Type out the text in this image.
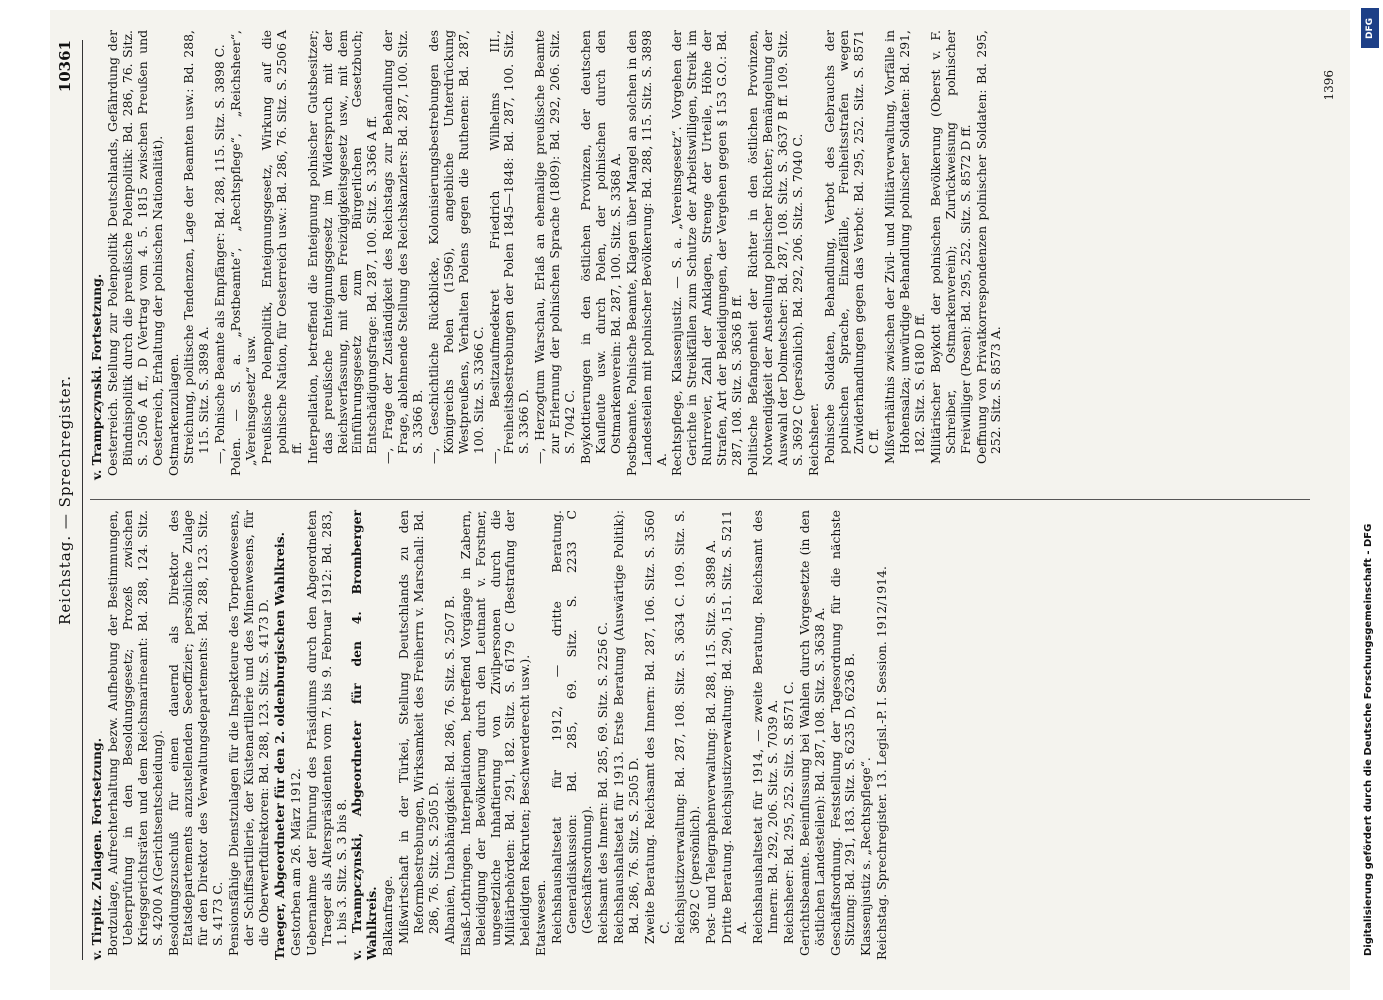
Reichstag. — Sprechregister.
10361

v. Tirpitz. Zulagen. Fortsetzung. Bordzulage, Aufrechterhaltung bezw. Aufhebung der Bestimmungen, Ueberprüfung in den Besoldungsgesetz; Prozeß zwischen Kriegsgerichtsräten und dem Reichsmarineamt: Bd. 288, 124. Sitz. S. 4200 A (Gerichtsentscheidung). Besoldungszuschuß für einen dauernd als Direktor des Etatsdepartements anzustellenden Seeoffizier; persönliche Zulage für den Direktor des Verwaltungsdepartements: Bd. 288, 123. Sitz. S. 4173 C. Pensionsfähige Dienstzulagen für die Inspekteure des Torpedowesens, der Schiffsartillerie, der Küstenartillerie und des Minenwesens, für die Oberwerftdirektoren: Bd. 288, 123. Sitz. S. 4173 D. Traeger, Abgeordneter für den 2. oldenburgischen Wahlkreis. Gestorben am 26. März 1912. Uebernahme der Führung des Präsidiums durch den Abgeordneten Traeger als Alterspräsidenten vom 7. bis 9. Februar 1912: Bd. 283, 1. bis 3. Sitz. S. 3 bis 8. v. Trampczynski, Abgeordneter für den 4. Bromberger Wahlkreis. Balkanfrage. Mißwirtschaft in der Türkei, Stellung Deutschlands zu den Reformbestrebungen, Wirksamkeit des Freiherrn v. Marschall: Bd. 286, 76. Sitz. S. 2505 D. Albanien, Unabhängigkeit: Bd. 286, 76. Sitz. S. 2507 B. Elsaß-Lothringen. Interpellationen, betreffend Vorgänge in Zabern, Beleidigung der Bevölkerung durch den Leutnant v. Forstner, ungesetzliche Inhaftierung von Zivilpersonen durch die Militärbehörden: Bd. 291, 182. Sitz. S. 6179 C (Bestrafung der beleidigten Rekruten; Beschwerderecht usw.). Etatswesen. Reichshaushaltsetat für 1912, — dritte Beratung. Generaldiskussion: Bd. 285, 69. Sitz. S. 2233 C (Geschäftsordnung). Reichsamt des Innern: Bd. 285, 69. Sitz. S. 2256 C. Reichshaushaltsetat für 1913. Erste Beratung (Auswärtige Politik): Bd. 286, 76. Sitz. S. 2505 D. Zweite Beratung. Reichsamt des Innern: Bd. 287, 106. Sitz. S. 3560 C. Reichsjustizverwaltung: Bd. 287, 108. Sitz. S. 3634 C. 109. Sitz. S. 3692 C (persönlich). Post- und Telegraphenverwaltung: Bd. 288, 115. Sitz. S. 3898 A. Dritte Beratung. Reichsjustizverwaltung: Bd. 290, 151. Sitz. S. 5211 A. Reichshaushaltsetat für 1914, — zweite Beratung. Reichsamt des Innern: Bd. 292, 206. Sitz. S. 7039 A. Reichsheer: Bd. 295, 252. Sitz. S. 8571 C. Gerichtsbeamte. Beeinflussung bei Wahlen durch Vorgesetzte (in den östlichen Landesteilen): Bd. 287, 108. Sitz. S. 3638 A. Geschäftsordnung. Feststellung der Tagesordnung für die nächste Sitzung: Bd. 291, 183. Sitz. S. 6235 D, 6236 B. Klassenjustiz s. „Rechtspflege“. Reichstag. Sprechregister. 13. Legisl.-P. I. Session. 1912/1914.

v. Trampczynski. Fortsetzung. Oesterreich. Stellung zur Polenpolitik Deutschlands, Gefährdung der Bündnispolitik durch die preußische Polenpolitik: Bd. 286, 76. Sitz. S. 2506 A ff., D (Vertrag vom 4. 5. 1815 zwischen Preußen und Oesterreich, Erhaltung der polnischen Nationalität). Ostmarkenzulagen. Streichung, politische Tendenzen, Lage der Beamten usw.: Bd. 288, 115. Sitz. S. 3898 A. —, Polnische Beamte als Empfänger: Bd. 288, 115. Sitz. S. 3898 C. Polen. — S. a. „Postbeamte“, „Rechtspflege“, „Reichsheer“, „Vereinsgesetz“ usw. Preußische Polenpolitik, Enteignungsgesetz, Wirkung auf die polnische Nation, für Oesterreich usw.: Bd. 286, 76. Sitz. S. 2506 A ff. Interpellation, betreffend die Enteignung polnischer Gutsbesitzer; das preußische Enteignungsgesetz im Widerspruch mit der Reichsverfassung, mit dem Freizügigkeitsgesetz usw., mit dem Einführungsgesetz zum Bürgerlichen Gesetzbuch; Entschädigungsfrage: Bd. 287, 100. Sitz. S. 3366 A ff. —, Frage der Zuständigkeit des Reichstags zur Behandlung der Frage, ablehnende Stellung des Reichskanzlers: Bd. 287, 100. Sitz. S. 3366 B. —, Geschichtliche Rückblicke, Kolonisierungsbestrebungen des Königreichs Polen (1596), angebliche Unterdrückung Westpreußens, Verhalten Polens gegen die Ruthenen: Bd. 287, 100. Sitz. S. 3366 C. —, Besitzaufmedekret Friedrich Wilhelms III., Freiheitsbestrebungen der Polen 1845—1848: Bd. 287, 100. Sitz. S. 3366 D. —, Herzogtum Warschau, Erlaß an ehemalige preußische Beamte zur Erlernung der polnischen Sprache (1809): Bd. 292, 206. Sitz. S. 7042 C. Boykottierungen in den östlichen Provinzen, der deutschen Kaufleute usw. durch Polen, der polnischen durch den Ostmarkenverein: Bd. 287, 100. Sitz. S. 3368 A. Postbeamte. Polnische Beamte, Klagen über Mangel an solchen in den Landesteilen mit polnischer Bevölkerung: Bd. 288, 115. Sitz. S. 3898 A. Rechtspflege, Klassenjustiz. — S. a. „Vereinsgesetz“. Vorgehen der Gerichte in Streikfällen zum Schutze der Arbeitswilligen, Streik im Ruhrrevier, Zahl der Anklagen, Strenge der Urteile, Höhe der Strafen, Art der Beleidigungen, der Vergehen gegen § 153 G.O.: Bd. 287, 108. Sitz. S. 3636 B ff. Politische Befangenheit der Richter in den östlichen Provinzen, Notwendigkeit der Anstellung polnischer Richter; Bemängelung der Auswahl der Dolmetscher: Bd. 287, 108. Sitz. S. 3637 B ff. 109. Sitz. S. 3692 C (persönlich). Bd. 292, 206. Sitz. S. 7040 C. Reichsheer. Polnische Soldaten, Behandlung, Verbot des Gebrauchs der polnischen Sprache, Einzelfälle, Freiheitsstrafen wegen Zuwiderhandlungen gegen das Verbot: Bd. 295, 252. Sitz. S. 8571 C ff. Mißverhältnis zwischen der Zivil- und Militärverwaltung, Vorfälle in Hohensalza; unwürdige Behandlung polnischer Soldaten: Bd. 291, 182. Sitz. S. 6180 D ff. Militärischer Boykott der polnischen Bevölkerung (Oberst v. F. Schreiber, Ostmarkenverein); Zurückweisung polnischer Freiwilliger (Posen): Bd. 295, 252. Sitz. S. 8572 D ff. Oeffnung von Privatkorrespondenzen polnischer Soldaten: Bd. 295, 252. Sitz. S. 8573 A.

1396
DFG
Digitalisierung gefördert durch die Deutsche Forschungsgemeinschaft - DFG
